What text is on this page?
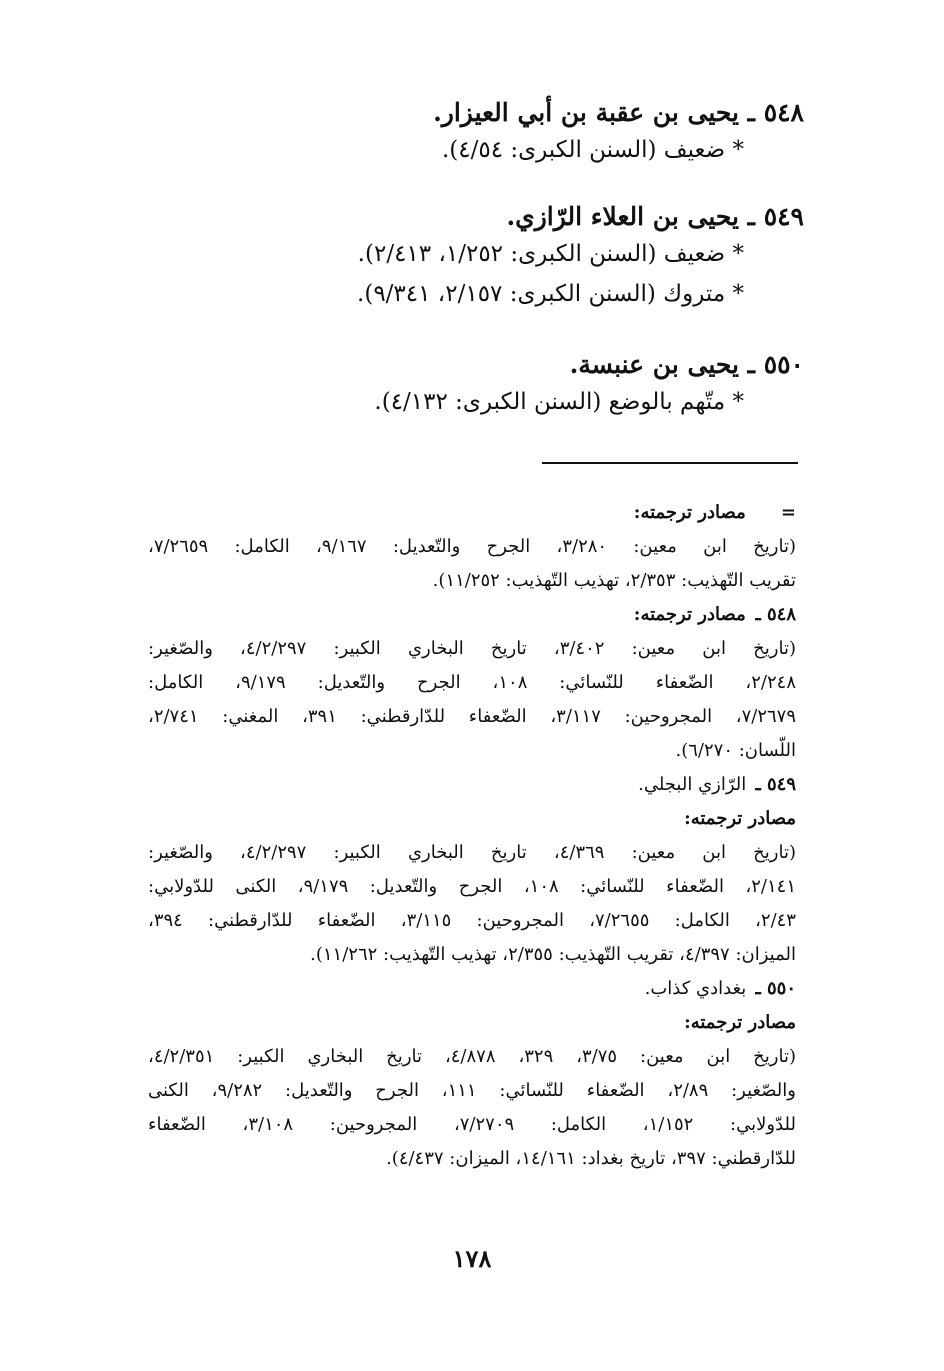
٥٤٨ ـ يحيى بن عقبة بن أبي العيزار.
* ضعيف (السنن الكبرى: ٤/٥٤).
٥٤٩ ـ يحيى بن العلاء الرّازي.
* ضعيف (السنن الكبرى: ١/٢٥٢، ٢/٤١٣).
* متروك (السنن الكبرى: ٢/١٥٧، ٩/٣٤١).
٥٥٠ ـ يحيى بن عنبسة.
* متّهم بالوضع (السنن الكبرى: ٤/١٣٢).
= مصادر ترجمته:
(تاريخ ابن معين: ٣/٢٨٠، الجرح والتّعديل: ٩/١٦٧، الكامل: ٧/٢٦٥٩،
تقريب التّهذيب: ٢/٣٥٣، تهذيب التّهذيب: ١١/٢٥٢).
٥٤٨ ـ مصادر ترجمته:
(تاريخ ابن معين: ٣/٤٠٢، تاريخ البخاري الكبير: ٤/٢/٢٩٧، والصّغير:
٢/٢٤٨، الضّعفاء للنّسائي: ١٠٨، الجرح والتّعديل: ٩/١٧٩، الكامل:
٧/٢٦٧٩، المجروحين: ٣/١١٧، الضّعفاء للدّارقطني: ٣٩١، المغني: ٢/٧٤١،
اللّسان: ٦/٢٧٠).
٥٤٩ ـ الرّازي البجلي.
مصادر ترجمته:
(تاريخ ابن معين: ٤/٣٦٩، تاريخ البخاري الكبير: ٤/٢/٢٩٧، والصّغير:
٢/١٤١، الضّعفاء للنّسائي: ١٠٨، الجرح والتّعديل: ٩/١٧٩، الكنى للدّولابي:
٢/٤٣، الكامل: ٧/٢٦٥٥، المجروحين: ٣/١١٥، الضّعفاء للدّارقطني: ٣٩٤،
الميزان: ٤/٣٩٧، تقريب التّهذيب: ٢/٣٥٥، تهذيب التّهذيب: ١١/٢٦٢).
٥٥٠ ـ بغدادي كذاب.
مصادر ترجمته:
(تاريخ ابن معين: ٣/٧٥، ٣٢٩، ٤/٨٧٨، تاريخ البخاري الكبير: ٤/٢/٣٥١،
والصّغير: ٢/٨٩، الضّعفاء للنّسائي: ١١١، الجرح والتّعديل: ٩/٢٨٢، الكنى
للدّولابي: ١/١٥٢، الكامل: ٧/٢٧٠٩، المجروحين: ٣/١٠٨، الضّعفاء
للدّارقطني: ٣٩٧، تاريخ بغداد: ١٤/١٦١، الميزان: ٤/٤٣٧).
١٧٨
